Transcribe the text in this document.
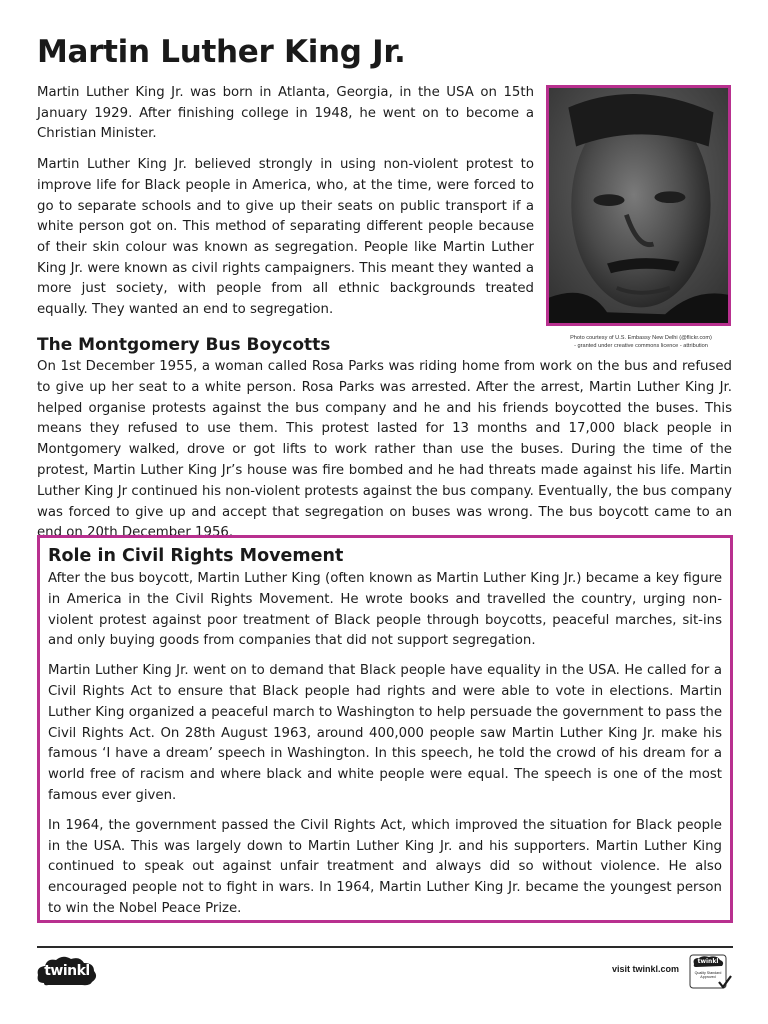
Martin Luther King Jr.

Martin Luther King Jr. was born in Atlanta, Georgia, in the USA on 15th January 1929. After finishing college in 1948, he went on to become a Christian Minister.

Martin Luther King Jr. believed strongly in using non-violent protest to improve life for Black people in America, who, at the time, were forced to go to separate schools and to give up their seats on public transport if a white person got on. This method of separating different people because of their skin colour was known as segregation. People like Martin Luther King Jr. were known as civil rights campaigners. This meant they wanted a more just society, with people from all ethnic backgrounds treated equally. They wanted an end to segregation.

Photo courtesy of U.S. Embassy New Delhi (@flickr.com)
- granted under creative commons licence - attribution
The Montgomery Bus Boycotts

On 1st December 1955, a woman called Rosa Parks was riding home from work on the bus and refused to give up her seat to a white person. Rosa Parks was arrested. After the arrest, Martin Luther King Jr. helped organise protests against the bus company and he and his friends boycotted the buses. This means they refused to use them. This protest lasted for 13 months and 17,000 black people in Montgomery walked, drove or got lifts to work rather than use the buses. During the time of the protest, Martin Luther King Jr’s house was fire bombed and he had threats made against his life. Martin Luther King Jr continued his non-violent protests against the bus company. Eventually, the bus company was forced to give up and accept that segregation on buses was wrong. The bus boycott came to an end on 20th December 1956.

Role in Civil Rights Movement

After the bus boycott, Martin Luther King (often known as Martin Luther King Jr.) became a key figure in America in the Civil Rights Movement. He wrote books and travelled the country, urging non-violent protest against poor treatment of Black people through boycotts, peaceful marches, sit-ins and only buying goods from companies that did not support segregation.

Martin Luther King Jr. went on to demand that Black people have equality in the USA. He called for a Civil Rights Act to ensure that Black people had rights and were able to vote in elections. Martin Luther King organized a peaceful march to Washington to help persuade the government to pass the Civil Rights Act. On 28th August 1963, around 400,000 people saw Martin Luther King Jr. make his famous ‘I have a dream’ speech in Washington. In this speech, he told the crowd of his dream for a world free of racism and where black and white people were equal. The speech is one of the most famous ever given.

In 1964, the government passed the Civil Rights Act, which improved the situation for Black people in the USA. This was largely down to Martin Luther King Jr. and his supporters. Martin Luther King continued to speak out against unfair treatment and always did so without violence. He also encouraged people not to fight in wars. In 1964, Martin Luther King Jr. became the youngest person to win the Nobel Peace Prize.

twinkl	visit twinkl.com
twinkl
Quality Standard
Approved
